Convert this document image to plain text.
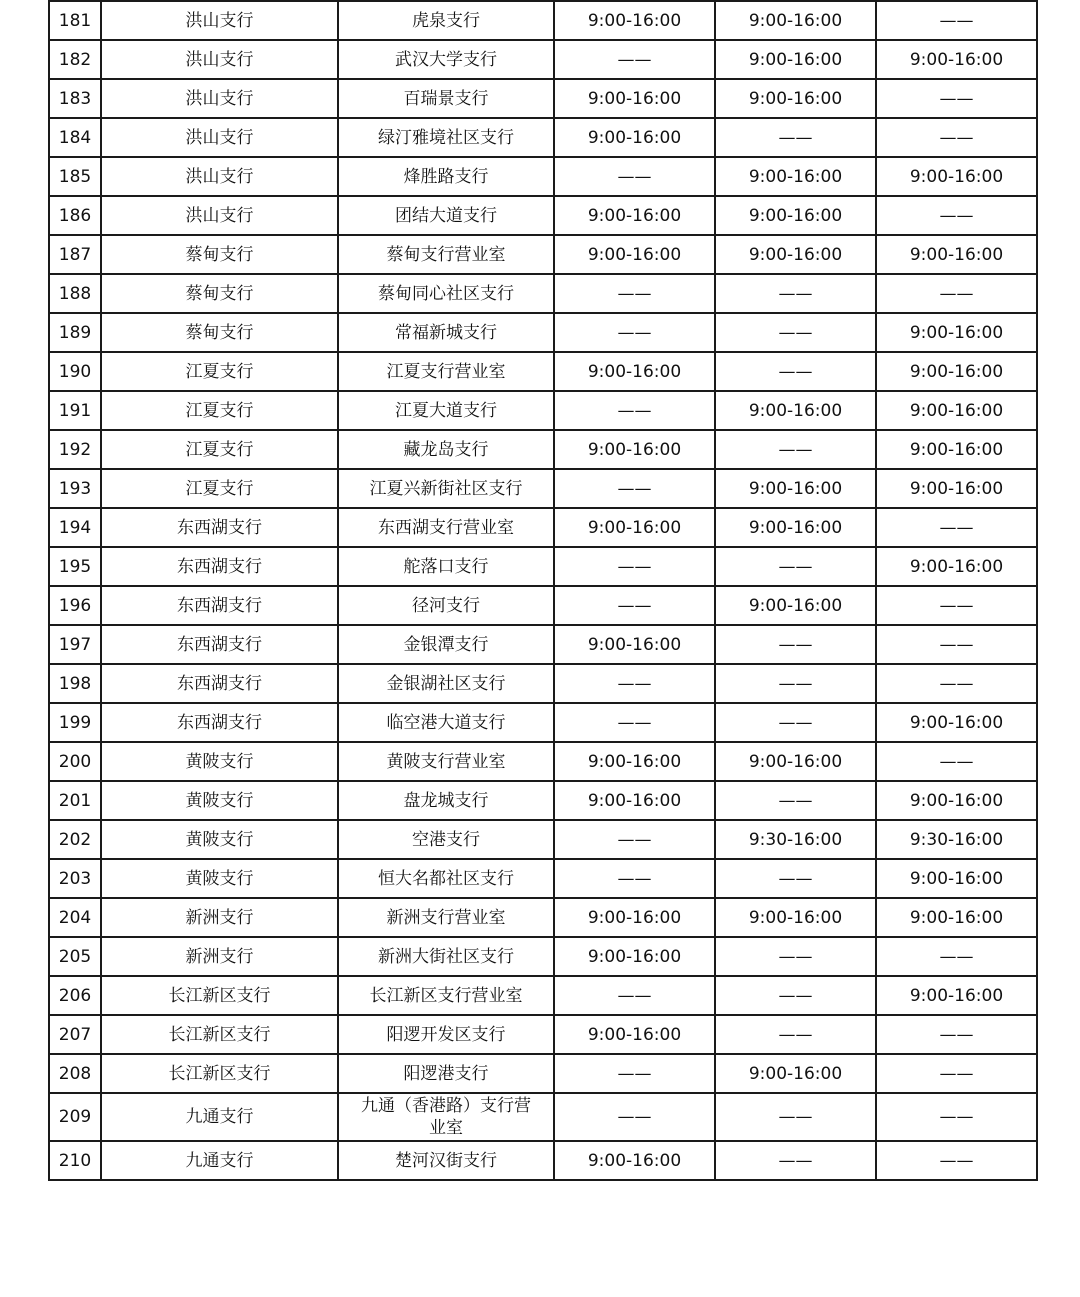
181	洪山支行	虎泉支行	9:00-16:00	9:00-16:00	——
182	洪山支行	武汉大学支行	——	9:00-16:00	9:00-16:00
183	洪山支行	百瑞景支行	9:00-16:00	9:00-16:00	——
184	洪山支行	绿汀雅境社区支行	9:00-16:00	——	——
185	洪山支行	烽胜路支行	——	9:00-16:00	9:00-16:00
186	洪山支行	团结大道支行	9:00-16:00	9:00-16:00	——
187	蔡甸支行	蔡甸支行营业室	9:00-16:00	9:00-16:00	9:00-16:00
188	蔡甸支行	蔡甸同心社区支行	——	——	——
189	蔡甸支行	常福新城支行	——	——	9:00-16:00
190	江夏支行	江夏支行营业室	9:00-16:00	——	9:00-16:00
191	江夏支行	江夏大道支行	——	9:00-16:00	9:00-16:00
192	江夏支行	藏龙岛支行	9:00-16:00	——	9:00-16:00
193	江夏支行	江夏兴新街社区支行	——	9:00-16:00	9:00-16:00
194	东西湖支行	东西湖支行营业室	9:00-16:00	9:00-16:00	——
195	东西湖支行	舵落口支行	——	——	9:00-16:00
196	东西湖支行	径河支行	——	9:00-16:00	——
197	东西湖支行	金银潭支行	9:00-16:00	——	——
198	东西湖支行	金银湖社区支行	——	——	——
199	东西湖支行	临空港大道支行	——	——	9:00-16:00
200	黄陂支行	黄陂支行营业室	9:00-16:00	9:00-16:00	——
201	黄陂支行	盘龙城支行	9:00-16:00	——	9:00-16:00
202	黄陂支行	空港支行	——	9:30-16:00	9:30-16:00
203	黄陂支行	恒大名都社区支行	——	——	9:00-16:00
204	新洲支行	新洲支行营业室	9:00-16:00	9:00-16:00	9:00-16:00
205	新洲支行	新洲大街社区支行	9:00-16:00	——	——
206	长江新区支行	长江新区支行营业室	——	——	9:00-16:00
207	长江新区支行	阳逻开发区支行	9:00-16:00	——	——
208	长江新区支行	阳逻港支行	——	9:00-16:00	——
209	九通支行	九通（香港路）支行营业室	——	——	——
210	九通支行	楚河汉街支行	9:00-16:00	——	——
